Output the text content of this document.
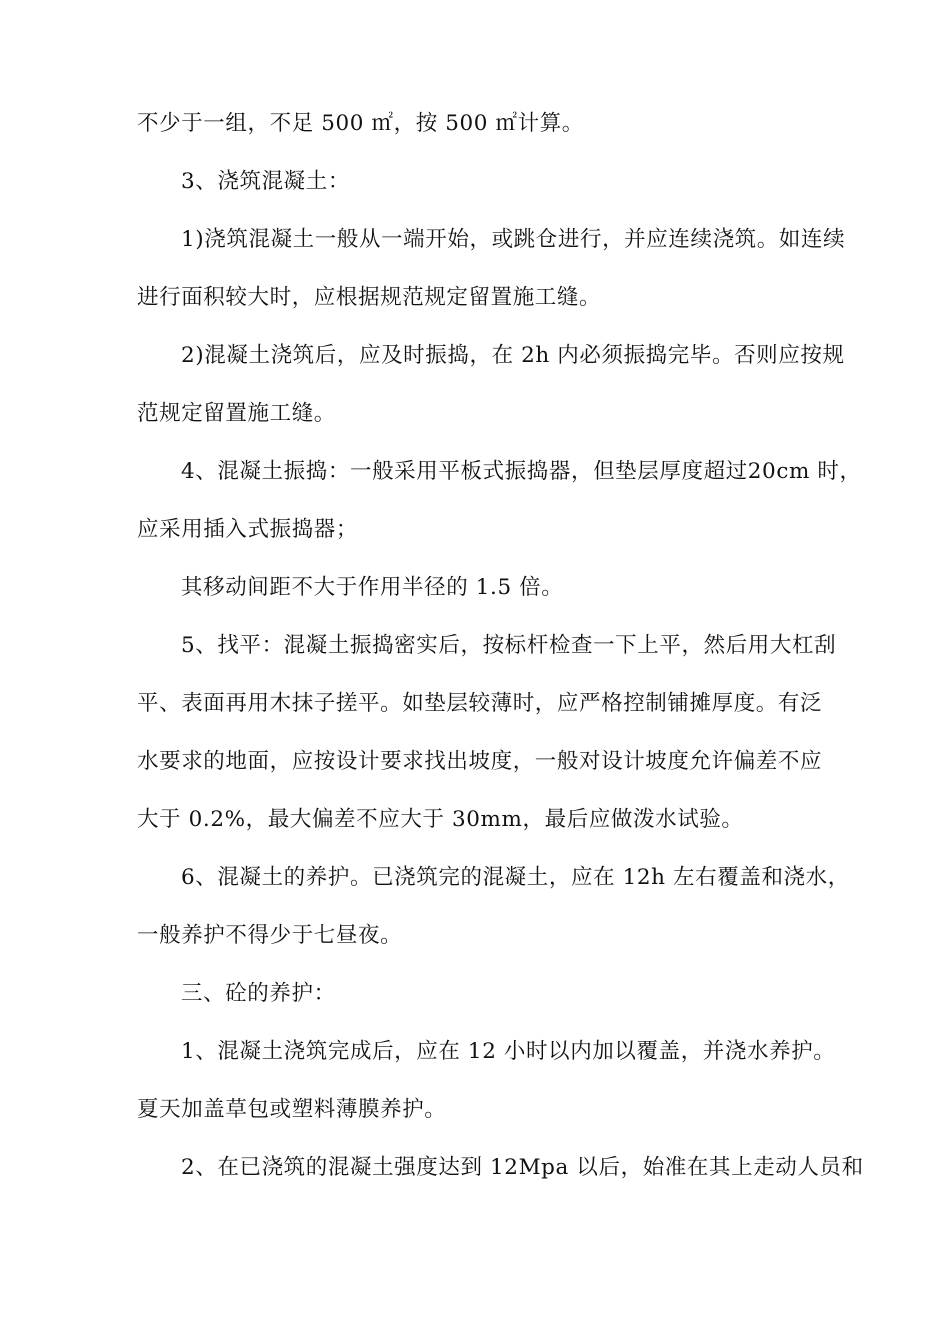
不少于一组，不足 500 ㎡，按 500 ㎡计算。
3、浇筑混凝土：
1)浇筑混凝土一般从一端开始，或跳仓进行，并应连续浇筑。如连续
进行面积较大时，应根据规范规定留置施工缝。
2)混凝土浇筑后，应及时振捣，在 2h 内必须振捣完毕。否则应按规
范规定留置施工缝。
4、混凝土振捣：一般采用平板式振捣器，但垫层厚度超过20cm 时，
应采用插入式振捣器；
其移动间距不大于作用半径的 1.5 倍。
5、找平：混凝土振捣密实后，按标杆检查一下上平，然后用大杠刮
平、表面再用木抹子搓平。如垫层较薄时，应严格控制铺摊厚度。有泛
水要求的地面，应按设计要求找出坡度，一般对设计坡度允许偏差不应
大于 0.2%，最大偏差不应大于 30mm，最后应做泼水试验。
6、混凝土的养护。已浇筑完的混凝土，应在 12h 左右覆盖和浇水，
一般养护不得少于七昼夜。
三、砼的养护：
1、混凝土浇筑完成后，应在 12 小时以内加以覆盖，并浇水养护。
夏天加盖草包或塑料薄膜养护。
2、在已浇筑的混凝土强度达到 12Mpa 以后，始准在其上走动人员和
